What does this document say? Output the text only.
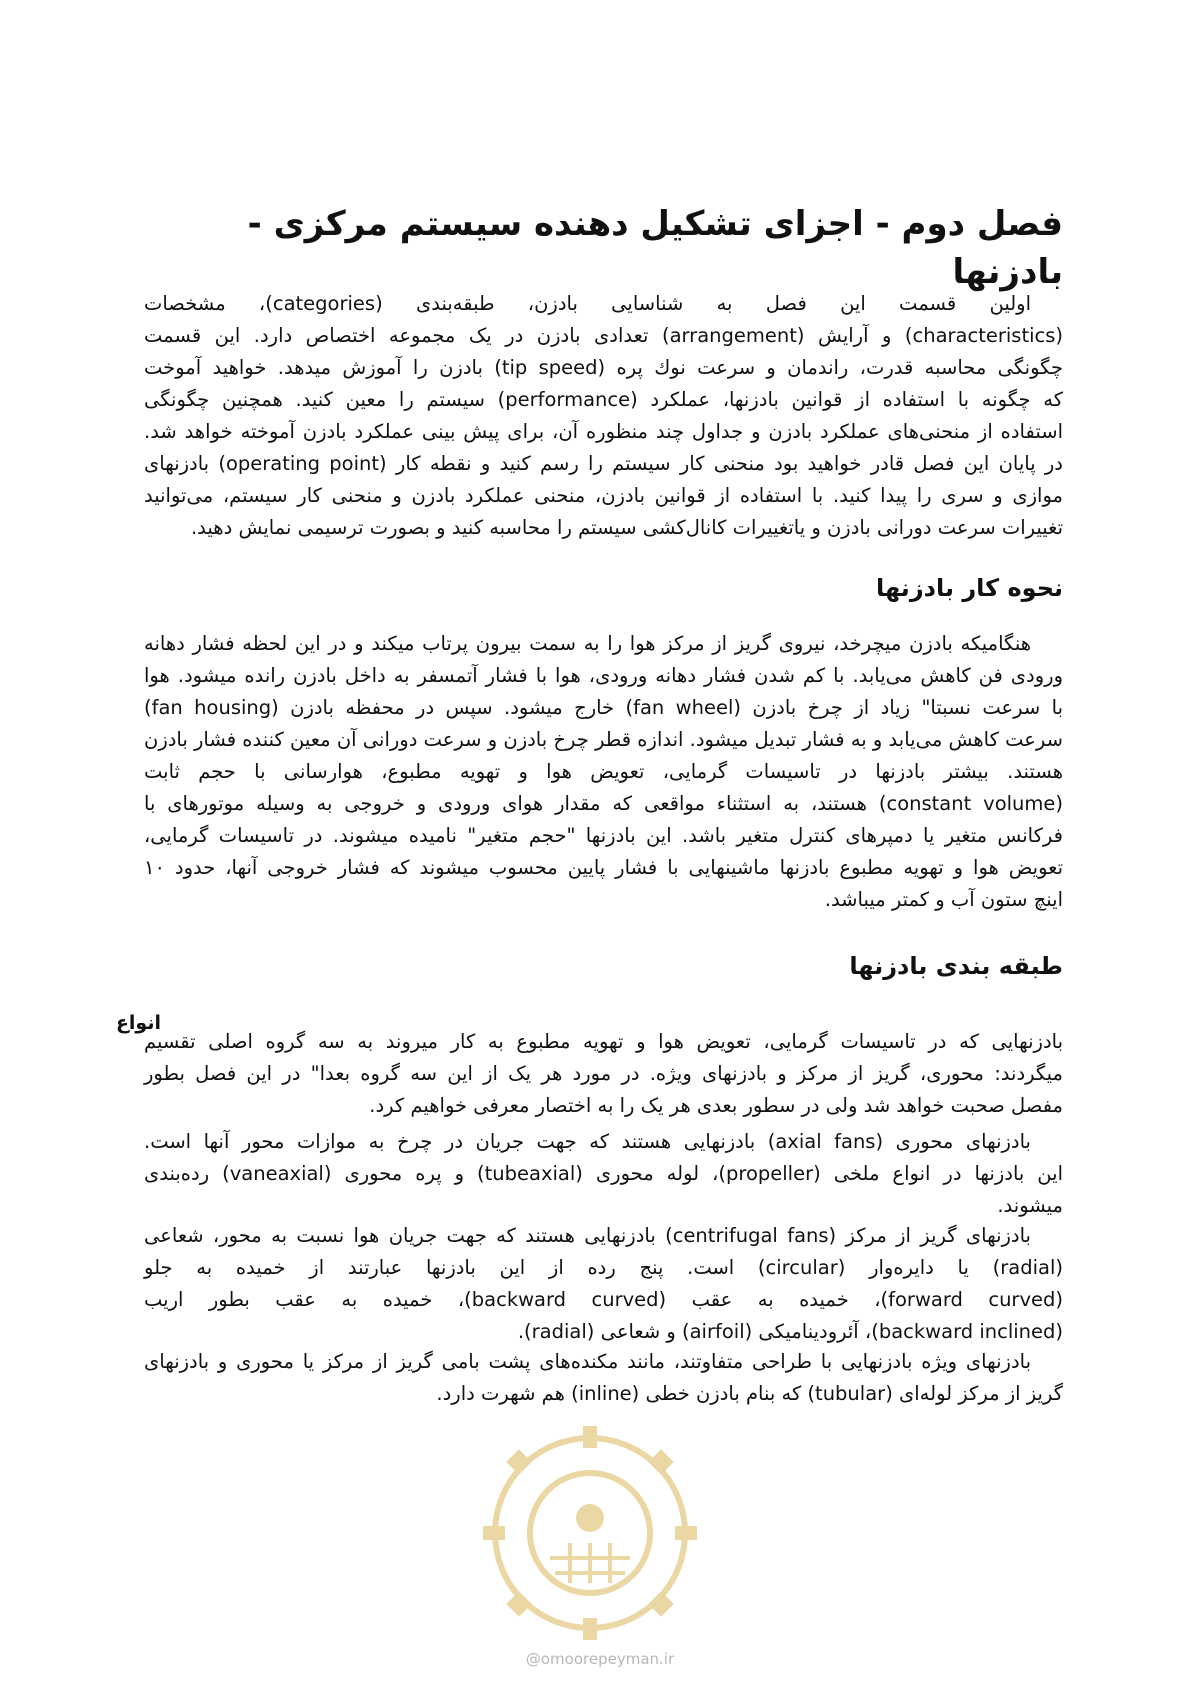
فصل دوم - اجزای تشکیل دهنده سیستم مرکزی - بادزنها
اولین قسمت این فصل به شناسایی بادزن، طبقه‌بندی (categories)، مشخصات
(characteristics) و آرایش (arrangement) تعدادی بادزن در یک مجموعه اختصاص دارد. این قسمت
چگونگی محاسبه قدرت، راندمان و سرعت نوك پره (tip speed) بادزن را آموزش میدهد. خواهید آموخت
که چگونه با استفاده از قوانین بادزنها، عملکرد (performance) سیستم را معین کنید. همچنین چگونگی
استفاده از منحنی‌های عملکرد بادزن و جداول چند منظوره آن، برای پیش بینی عملکرد بادزن آموخته خواهد شد.
در پایان این فصل قادر خواهید بود منحنی کار سیستم را رسم کنید و نقطه کار (operating point) بادزنهای
موازی و سری را پیدا کنید. با استفاده از قوانین بادزن، منحنی عملکرد بادزن و منحنی کار سیستم، می‌توانید
تغییرات سرعت دورانی بادزن و یاتغییرات کانال‌کشی سیستم را محاسبه کنید و بصورت ترسیمی نمایش دهید.
نحوه کار بادزنها
هنگامیکه بادزن میچرخد، نیروی گریز از مرکز هوا را به سمت بیرون پرتاب میکند و در این لحظه فشار دهانه
ورودی فن کاهش می‌یابد. با کم شدن فشار دهانه ورودی، هوا با فشار آتمسفر به داخل بادزن رانده میشود. هوا
با سرعت نسبتا" زیاد از چرخ بادزن (fan wheel) خارج میشود. سپس در محفظه بادزن (fan housing)
سرعت کاهش می‌یابد و به فشار تبدیل میشود. اندازه قطر چرخ بادزن و سرعت دورانی آن معین کننده فشار بادزن
هستند. بیشتر بادزنها در تاسیسات گرمایی، تعویض هوا و تهویه مطبوع، هوارسانی با حجم ثابت
(constant volume) هستند، به استثناء مواقعی که مقدار هوای ورودی و خروجی به وسیله موتورهای با
فرکانس متغیر یا دمپرهای کنترل متغیر باشد. این بادزنها "حجم متغیر" نامیده میشوند. در تاسیسات گرمایی،
تعویض هوا و تهویه مطبوع بادزنها ماشینهایی با فشار پایین محسوب میشوند که فشار خروجی آنها، حدود ۱۰
اینچ ستون آب و کمتر میباشد.
طبقه بندی بادزنها
انواع
بادزنهایی که در تاسیسات گرمایی، تعویض هوا و تهویه مطبوع به کار میروند به سه گروه اصلی تقسیم
میگردند: محوری، گریز از مرکز و بادزنهای ویژه. در مورد هر یک از این سه گروه بعدا" در این فصل بطور
مفصل صحبت خواهد شد ولی در سطور بعدی هر یک را به اختصار معرفی خواهیم کرد.
بادزنهای محوری (axial fans) بادزنهایی هستند که جهت جریان در چرخ به موازات محور آنها است.
این بادزنها در انواع ملخی (propeller)، لوله محوری (tubeaxial) و پره محوری (vaneaxial) رده‌بندی
میشوند.
بادزنهای گریز از مرکز (centrifugal fans) بادزنهایی هستند که جهت جریان هوا نسبت به محور، شعاعی
(radial) یا دایره‌وار (circular) است. پنج رده از این بادزنها عبارتند از خمیده به جلو
(forward curved)، خمیده به عقب (backward curved)، خمیده به عقب بطور اریب
(backward inclined)، آئرودینامیکی (airfoil) و شعاعی (radial).
بادزنهای ویژه بادزنهایی با طراحی متفاوتند، مانند مکنده‌های پشت بامی گریز از مرکز یا محوری و بادزنهای
گریز از مرکز لوله‌ای (tubular) که بنام بادزن خطی (inline) هم شهرت دارد.
@omoorepeyman.ir
